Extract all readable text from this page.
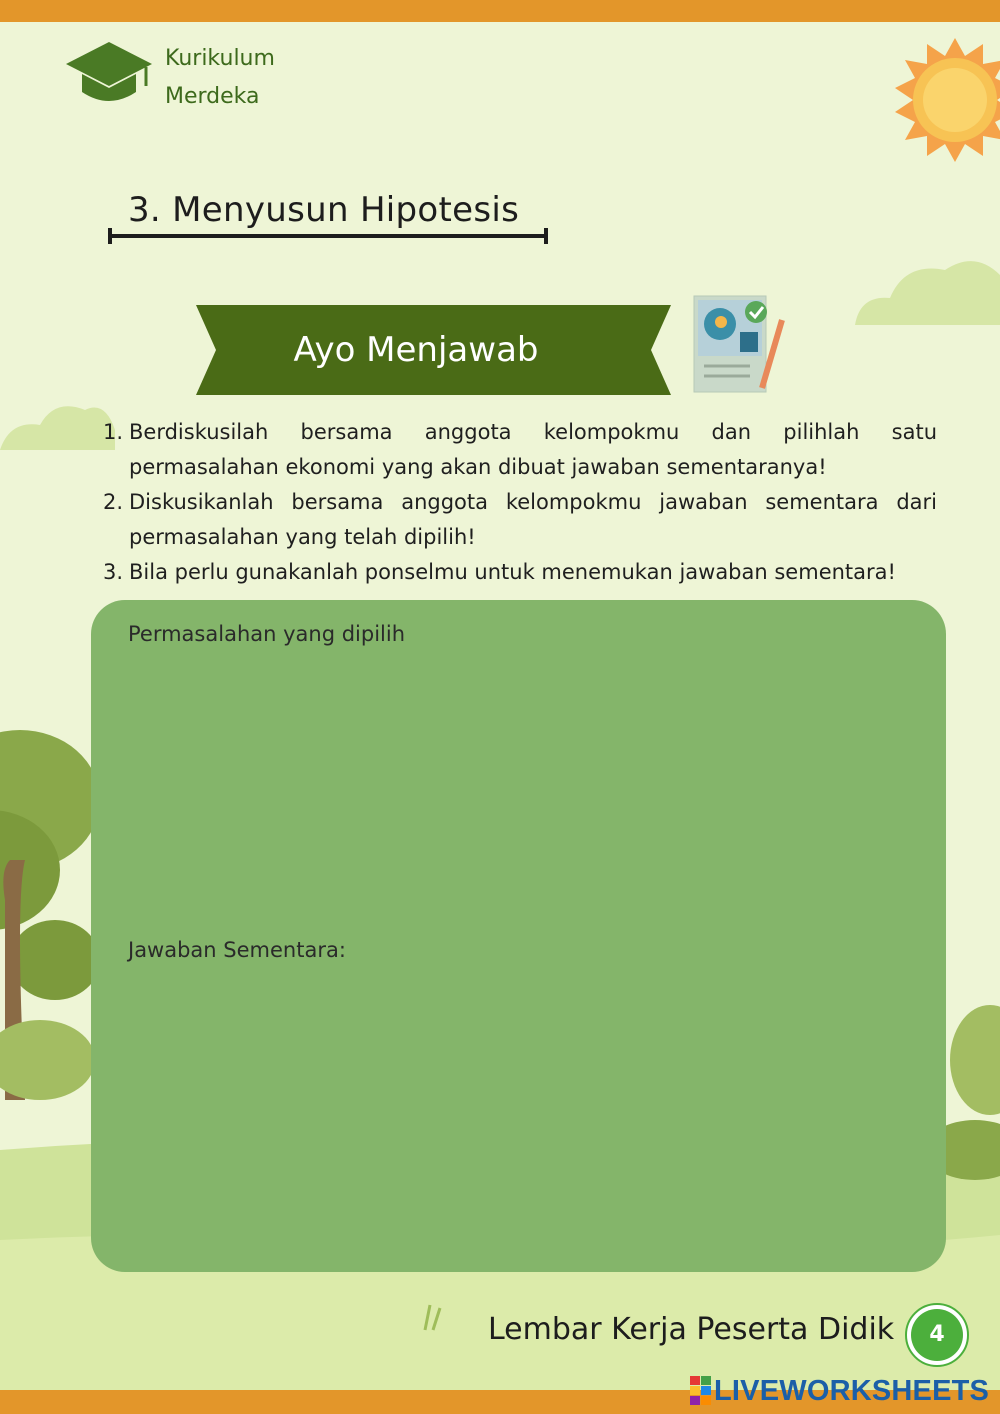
Kurikulum
Merdeka
3. Menyusun Hipotesis
Ayo Menjawab
1. Berdiskusilah bersama anggota kelompokmu dan pilihlah satu permasalahan ekonomi yang akan dibuat jawaban sementaranya!
2. Diskusikanlah bersama anggota kelompokmu jawaban sementara dari permasalahan yang telah dipilih!
3. Bila perlu gunakanlah ponselmu untuk menemukan jawaban sementara!
Permasalahan yang dipilih
Jawaban Sementara:
Lembar Kerja Peserta Didik	4
LIVEWORKSHEETS
